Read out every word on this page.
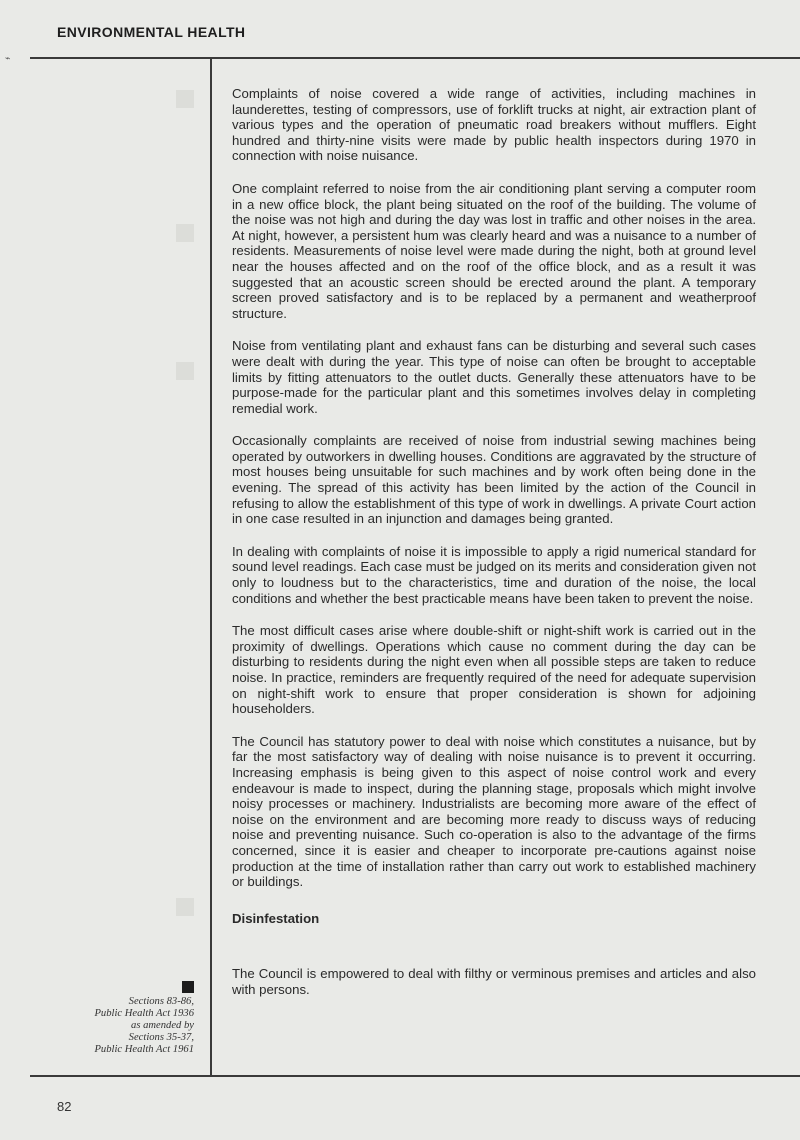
ENVIRONMENTAL HEALTH
⌁

Complaints of noise covered a wide range of activities, including machines in launderettes, testing of compressors, use of forklift trucks at night, air extraction plant of various types and the operation of pneumatic road breakers without mufflers. Eight hundred and thirty-nine visits were made by public health inspectors during 1970 in connection with noise nuisance.

One complaint referred to noise from the air conditioning plant serving a computer room in a new office block, the plant being situated on the roof of the building. The volume of the noise was not high and during the day was lost in traffic and other noises in the area. At night, however, a persistent hum was clearly heard and was a nuisance to a number of residents. Measurements of noise level were made during the night, both at ground level near the houses affected and on the roof of the office block, and as a result it was suggested that an acoustic screen should be erected around the plant. A temporary screen proved satisfactory and is to be replaced by a permanent and weatherproof structure.

Noise from ventilating plant and exhaust fans can be disturbing and several such cases were dealt with during the year. This type of noise can often be brought to acceptable limits by fitting attenuators to the outlet ducts. Generally these attenuators have to be purpose-made for the particular plant and this sometimes involves delay in completing remedial work.

Occasionally complaints are received of noise from industrial sewing machines being operated by outworkers in dwelling houses. Conditions are aggravated by the structure of most houses being unsuitable for such machines and by work often being done in the evening. The spread of this activity has been limited by the action of the Council in refusing to allow the establishment of this type of work in dwellings. A private Court action in one case resulted in an injunction and damages being granted.

In dealing with complaints of noise it is impossible to apply a rigid numerical standard for sound level readings. Each case must be judged on its merits and consideration given not only to loudness but to the characteristics, time and duration of the noise, the local conditions and whether the best practicable means have been taken to prevent the noise.

The most difficult cases arise where double-shift or night-shift work is carried out in the proximity of dwellings. Operations which cause no comment during the day can be disturbing to residents during the night even when all possible steps are taken to reduce noise. In practice, reminders are frequently required of the need for adequate supervision on night-shift work to ensure that proper consideration is shown for adjoining householders.

The Council has statutory power to deal with noise which constitutes a nuisance, but by far the most satisfactory way of dealing with noise nuisance is to prevent it occurring. Increasing emphasis is being given to this aspect of noise control work and every endeavour is made to inspect, during the planning stage, proposals which might involve noisy processes or machinery. Industrialists are becoming more aware of the effect of noise on the environment and are becoming more ready to discuss ways of reducing noise and preventing nuisance. Such co-operation is also to the advantage of the firms concerned, since it is easier and cheaper to incorporate pre-cautions against noise production at the time of installation rather than carry out work to established machinery or buildings.

Disinfestation

The Council is empowered to deal with filthy or verminous premises and articles and also with persons.

Sections 83-86,
Public Health Act 1936
as amended by
Sections 35-37,
Public Health Act 1961
82
